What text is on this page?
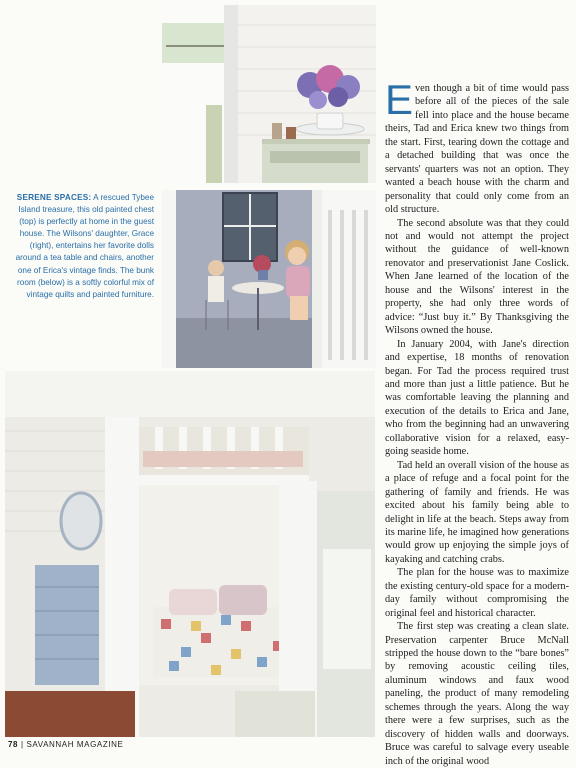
SERENE SPACES: A rescued Tybee Island treasure, this old painted chest (top) is perfectly at home in the guest house. The Wilsons' daughter, Grace (right), entertains her favorite dolls around a tea table and chairs, another one of Erica's vintage finds. The bunk room (below) is a softly colorful mix of vintage quilts and painted furniture.

Even though a bit of time would pass before all of the pieces of the sale fell into place and the house became theirs, Tad and Erica knew two things from the start. First, tearing down the cottage and a detached building that was once the servants' quarters was not an option. They wanted a beach house with the charm and personality that could only come from an old structure.

The second absolute was that they could not and would not attempt the project without the guidance of well-known renovator and preservationist Jane Coslick. When Jane learned of the location of the house and the Wilsons' interest in the property, she had only three words of advice: “Just buy it.” By Thanksgiving the Wilsons owned the house.

In January 2004, with Jane's direction and expertise, 18 months of renovation began. For Tad the process required trust and more than just a little patience. But he was comfortable leaving the planning and execution of the details to Erica and Jane, who from the beginning had an unwavering collaborative vision for a relaxed, easy-going seaside home.

Tad held an overall vision of the house as a place of refuge and a focal point for the gathering of family and friends. He was excited about his family being able to delight in life at the beach. Steps away from its marine life, he imagined how generations would grow up enjoying the simple joys of kayaking and catching crabs.

The plan for the house was to maximize the existing century-old space for a modern-day family without compromising the original feel and historical character.

The first step was creating a clean slate. Preservation carpenter Bruce McNall stripped the house down to the “bare bones” by removing acoustic ceiling tiles, aluminum windows and faux wood paneling, the product of many remodeling schemes through the years. Along the way there were a few surprises, such as the discovery of hidden walls and doorways. Bruce was careful to salvage every useable inch of the original wood

78 | SAVANNAH MAGAZINE
